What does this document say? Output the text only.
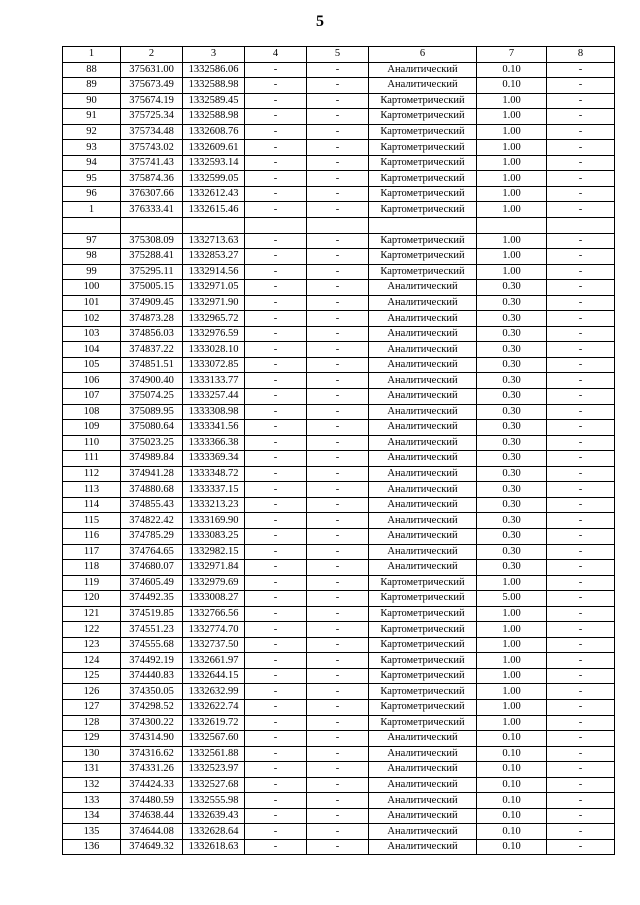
5
1	2	3	4	5	6	7	8
88	375631.00	1332586.06	-	-	Аналитический	0.10	-
89	375673.49	1332588.98	-	-	Аналитический	0.10	-
90	375674.19	1332589.45	-	-	Картометрический	1.00	-
91	375725.34	1332588.98	-	-	Картометрический	1.00	-
92	375734.48	1332608.76	-	-	Картометрический	1.00	-
93	375743.02	1332609.61	-	-	Картометрический	1.00	-
94	375741.43	1332593.14	-	-	Картометрический	1.00	-
95	375874.36	1332599.05	-	-	Картометрический	1.00	-
96	376307.66	1332612.43	-	-	Картометрический	1.00	-
1	376333.41	1332615.46	-	-	Картометрический	1.00	-

97	375308.09	1332713.63	-	-	Картометрический	1.00	-
98	375288.41	1332853.27	-	-	Картометрический	1.00	-
99	375295.11	1332914.56	-	-	Картометрический	1.00	-
100	375005.15	1332971.05	-	-	Аналитический	0.30	-
101	374909.45	1332971.90	-	-	Аналитический	0.30	-
102	374873.28	1332965.72	-	-	Аналитический	0.30	-
103	374856.03	1332976.59	-	-	Аналитический	0.30	-
104	374837.22	1333028.10	-	-	Аналитический	0.30	-
105	374851.51	1333072.85	-	-	Аналитический	0.30	-
106	374900.40	1333133.77	-	-	Аналитический	0.30	-
107	375074.25	1333257.44	-	-	Аналитический	0.30	-
108	375089.95	1333308.98	-	-	Аналитический	0.30	-
109	375080.64	1333341.56	-	-	Аналитический	0.30	-
110	375023.25	1333366.38	-	-	Аналитический	0.30	-
111	374989.84	1333369.34	-	-	Аналитический	0.30	-
112	374941.28	1333348.72	-	-	Аналитический	0.30	-
113	374880.68	1333337.15	-	-	Аналитический	0.30	-
114	374855.43	1333213.23	-	-	Аналитический	0.30	-
115	374822.42	1333169.90	-	-	Аналитический	0.30	-
116	374785.29	1333083.25	-	-	Аналитический	0.30	-
117	374764.65	1332982.15	-	-	Аналитический	0.30	-
118	374680.07	1332971.84	-	-	Аналитический	0.30	-
119	374605.49	1332979.69	-	-	Картометрический	1.00	-
120	374492.35	1333008.27	-	-	Картометрический	5.00	-
121	374519.85	1332766.56	-	-	Картометрический	1.00	-
122	374551.23	1332774.70	-	-	Картометрический	1.00	-
123	374555.68	1332737.50	-	-	Картометрический	1.00	-
124	374492.19	1332661.97	-	-	Картометрический	1.00	-
125	374440.83	1332644.15	-	-	Картометрический	1.00	-
126	374350.05	1332632.99	-	-	Картометрический	1.00	-
127	374298.52	1332622.74	-	-	Картометрический	1.00	-
128	374300.22	1332619.72	-	-	Картометрический	1.00	-
129	374314.90	1332567.60	-	-	Аналитический	0.10	-
130	374316.62	1332561.88	-	-	Аналитический	0.10	-
131	374331.26	1332523.97	-	-	Аналитический	0.10	-
132	374424.33	1332527.68	-	-	Аналитический	0.10	-
133	374480.59	1332555.98	-	-	Аналитический	0.10	-
134	374638.44	1332639.43	-	-	Аналитический	0.10	-
135	374644.08	1332628.64	-	-	Аналитический	0.10	-
136	374649.32	1332618.63	-	-	Аналитический	0.10	-
